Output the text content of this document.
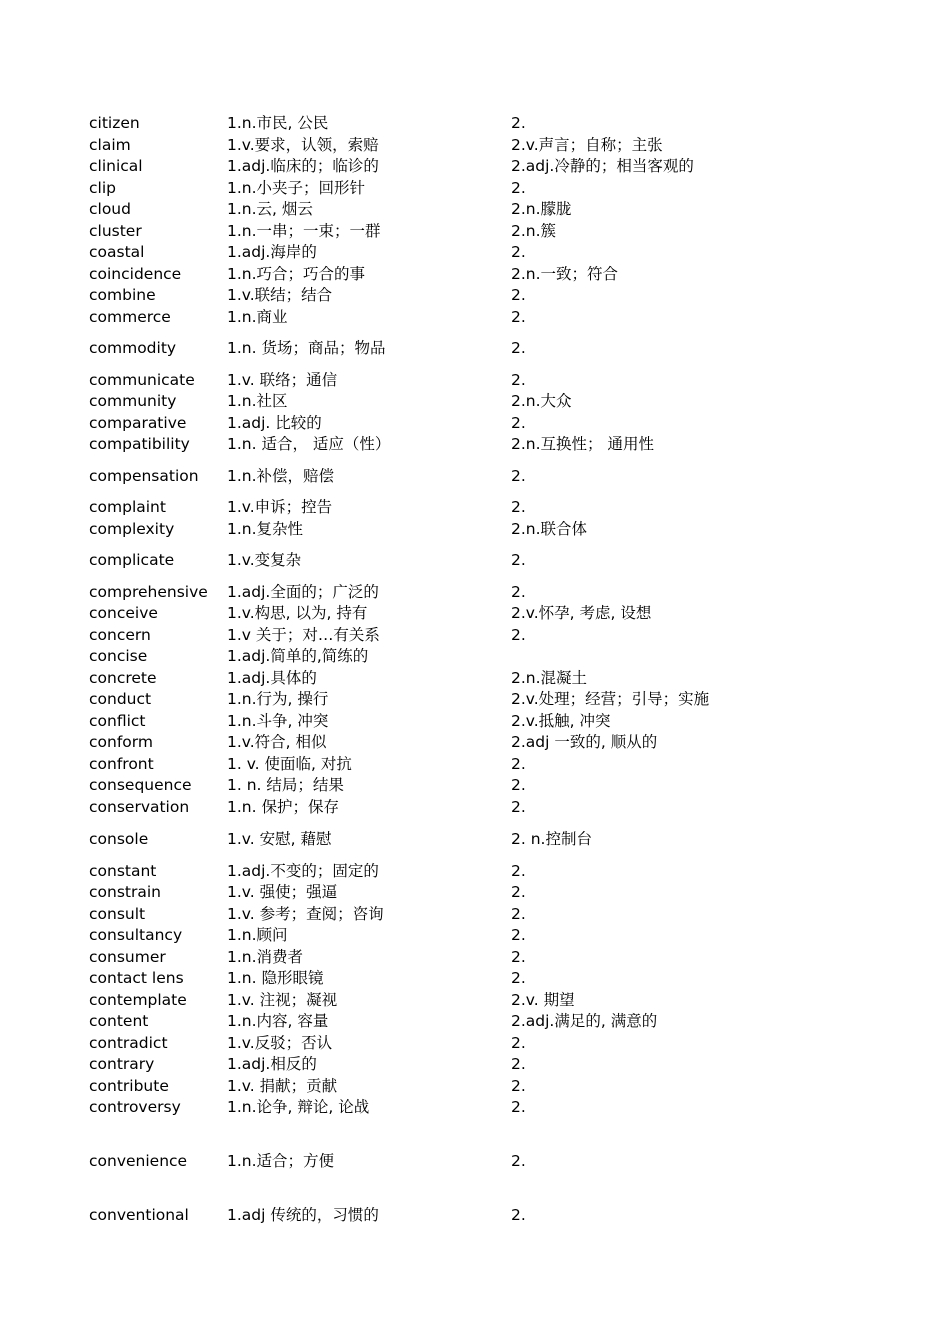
citizen	1.n.市民, 公民	2.
claim	1.v.要求，认领，索赔	2.v.声言；自称；主张
clinical	1.adj.临床的；临诊的	2.adj.冷静的；相当客观的
clip	1.n.小夹子；回形针	2.
cloud	1.n.云, 烟云	2.n.朦胧
cluster	1.n.一串；一束；一群	2.n.簇
coastal	1.adj.海岸的	2.
coincidence	1.n.巧合；巧合的事	2.n.一致；符合
combine	1.v.联结；结合	2.
commerce	1.n.商业	2.
commodity	1.n. 货场；商品；物品	2.
communicate	1.v. 联络；通信	2.
community	1.n.社区	2.n.大众
comparative	1.adj. 比较的	2.
compatibility	1.n. 适合， 适应（性）	2.n.互换性； 通用性
compensation	1.n.补偿，赔偿	2.
complaint	1.v.申诉；控告	2.
complexity	1.n.复杂性	2.n.联合体
complicate	1.v.变复杂	2.
comprehensive	1.adj.全面的；广泛的	2.
conceive	1.v.构思, 以为, 持有	2.v.怀孕, 考虑, 设想
concern	1.v 关于；对…有关系	2.
concise	1.adj.简单的,简练的
concrete	1.adj.具体的	2.n.混凝土
conduct	1.n.行为, 操行	2.v.处理；经营；引导；实施
conflict	1.n.斗争, 冲突	2.v.抵触, 冲突
conform	1.v.符合, 相似	2.adj 一致的, 顺从的
confront	1. v. 使面临, 对抗	2.
consequence	1. n. 结局；结果	2.
conservation	1.n. 保护；保存	2.
console	1.v. 安慰, 藉慰	2. n.控制台
constant	1.adj.不变的；固定的	2.
constrain	1.v. 强使；强逼	2.
consult	1.v. 参考；查阅；咨询	2.
consultancy	1.n.顾问	2.
consumer	1.n.消费者	2.
contact lens	1.n. 隐形眼镜	2.
contemplate	1.v. 注视；凝视	2.v. 期望
content	1.n.内容, 容量	2.adj.满足的, 满意的
contradict	1.v.反驳；否认	2.
contrary	1.adj.相反的	2.
contribute	1.v. 捐献；贡献	2.
controversy	1.n.论争, 辩论, 论战	2.
convenience	1.n.适合；方便	2.
conventional	1.adj 传统的，习惯的	2.
